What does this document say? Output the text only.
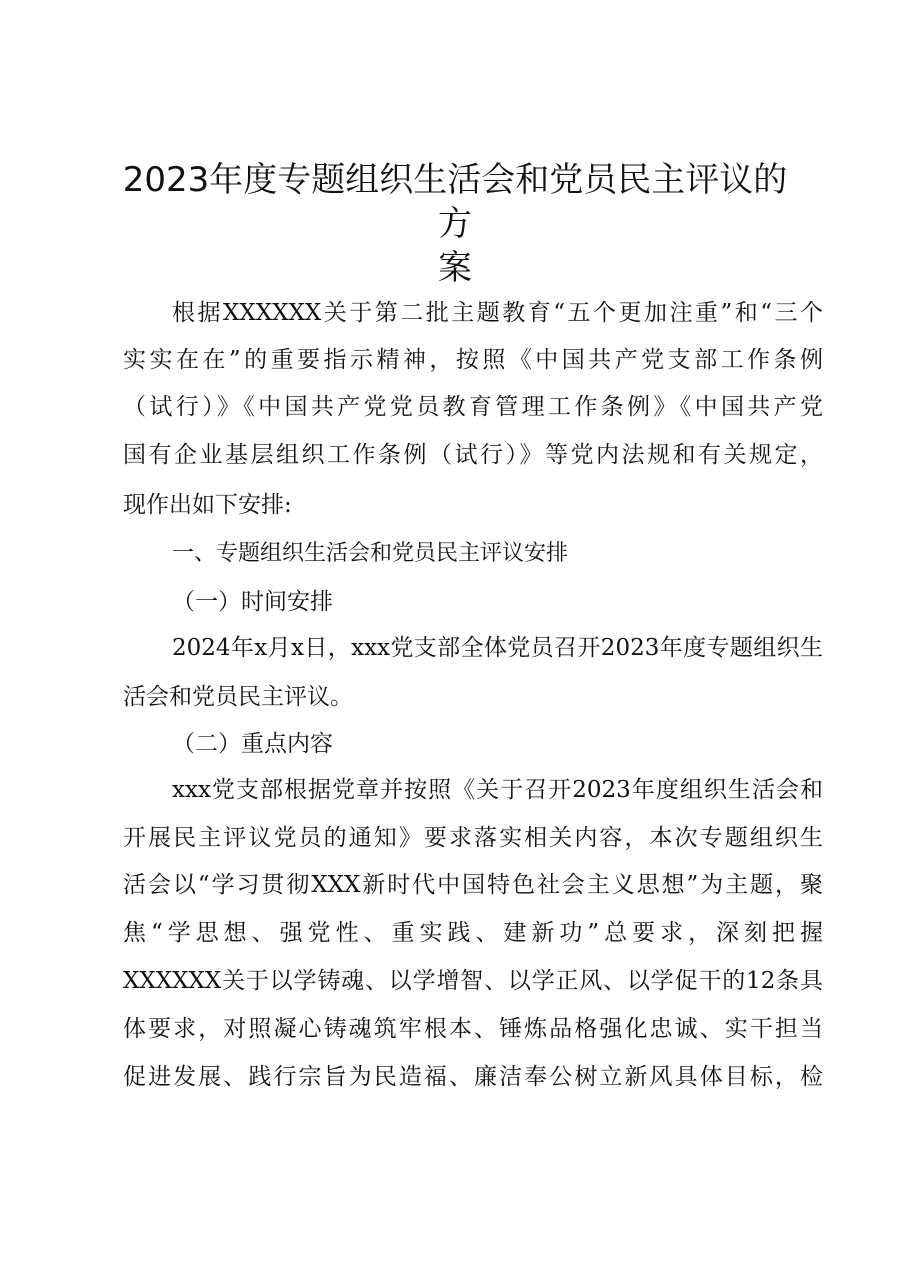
2023年度专题组织生活会和党员民主评议的方
案
根据XXXXXX关于第二批主题教育“五个更加注重”和“三个
实实在在”的重要指示精神，按照《中国共产党支部工作条例
（试行）》《中国共产党党员教育管理工作条例》《中国共产党
国有企业基层组织工作条例（试行）》等党内法规和有关规定，
现作出如下安排:
一、专题组织生活会和党员民主评议安排
（一）时间安排
2024年x月x日，xxx党支部全体党员召开2023年度专题组织生
活会和党员民主评议。
（二）重点内容
xxx党支部根据党章并按照《关于召开2023年度组织生活会和
开展民主评议党员的通知》要求落实相关内容，本次专题组织生
活会以“学习贯彻XXX新时代中国特色社会主义思想”为主题，聚
焦“学思想、强党性、重实践、建新功”总要求，深刻把握
XXXXXX关于以学铸魂、以学增智、以学正风、以学促干的12条具
体要求，对照凝心铸魂筑牢根本、锤炼品格强化忠诚、实干担当
促进发展、践行宗旨为民造福、廉洁奉公树立新风具体目标，检
